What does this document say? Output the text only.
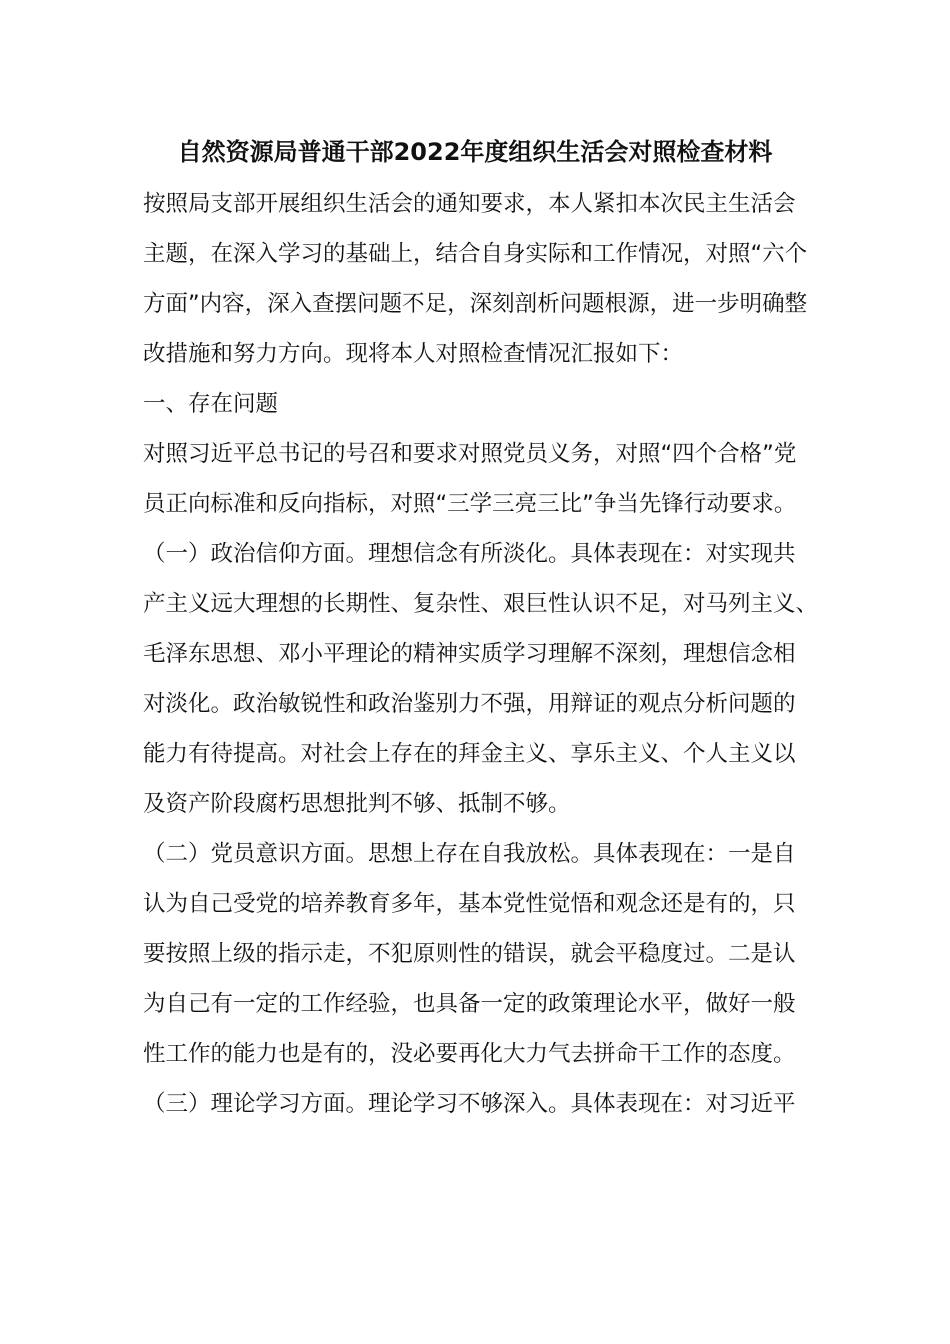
自然资源局普通干部2022年度组织生活会对照检查材料
按照局支部开展组织生活会的通知要求，本人紧扣本次民主生活会
主题，在深入学习的基础上，结合自身实际和工作情况，对照“六个
方面”内容，深入查摆问题不足，深刻剖析问题根源，进一步明确整
改措施和努力方向。现将本人对照检查情况汇报如下：
一、存在问题
对照习近平总书记的号召和要求对照党员义务，对照“四个合格”党
员正向标准和反向指标，对照“三学三亮三比”争当先锋行动要求。
（一）政治信仰方面。理想信念有所淡化。具体表现在：对实现共
产主义远大理想的长期性、复杂性、艰巨性认识不足，对马列主义、
毛泽东思想、邓小平理论的精神实质学习理解不深刻，理想信念相
对淡化。政治敏锐性和政治鉴别力不强，用辩证的观点分析问题的
能力有待提高。对社会上存在的拜金主义、享乐主义、个人主义以
及资产阶段腐朽思想批判不够、抵制不够。
（二）党员意识方面。思想上存在自我放松。具体表现在：一是自
认为自己受党的培养教育多年，基本党性觉悟和观念还是有的，只
要按照上级的指示走，不犯原则性的错误，就会平稳度过。二是认
为自己有一定的工作经验，也具备一定的政策理论水平，做好一般
性工作的能力也是有的，没必要再化大力气去拼命干工作的态度。
（三）理论学习方面。理论学习不够深入。具体表现在：对习近平
